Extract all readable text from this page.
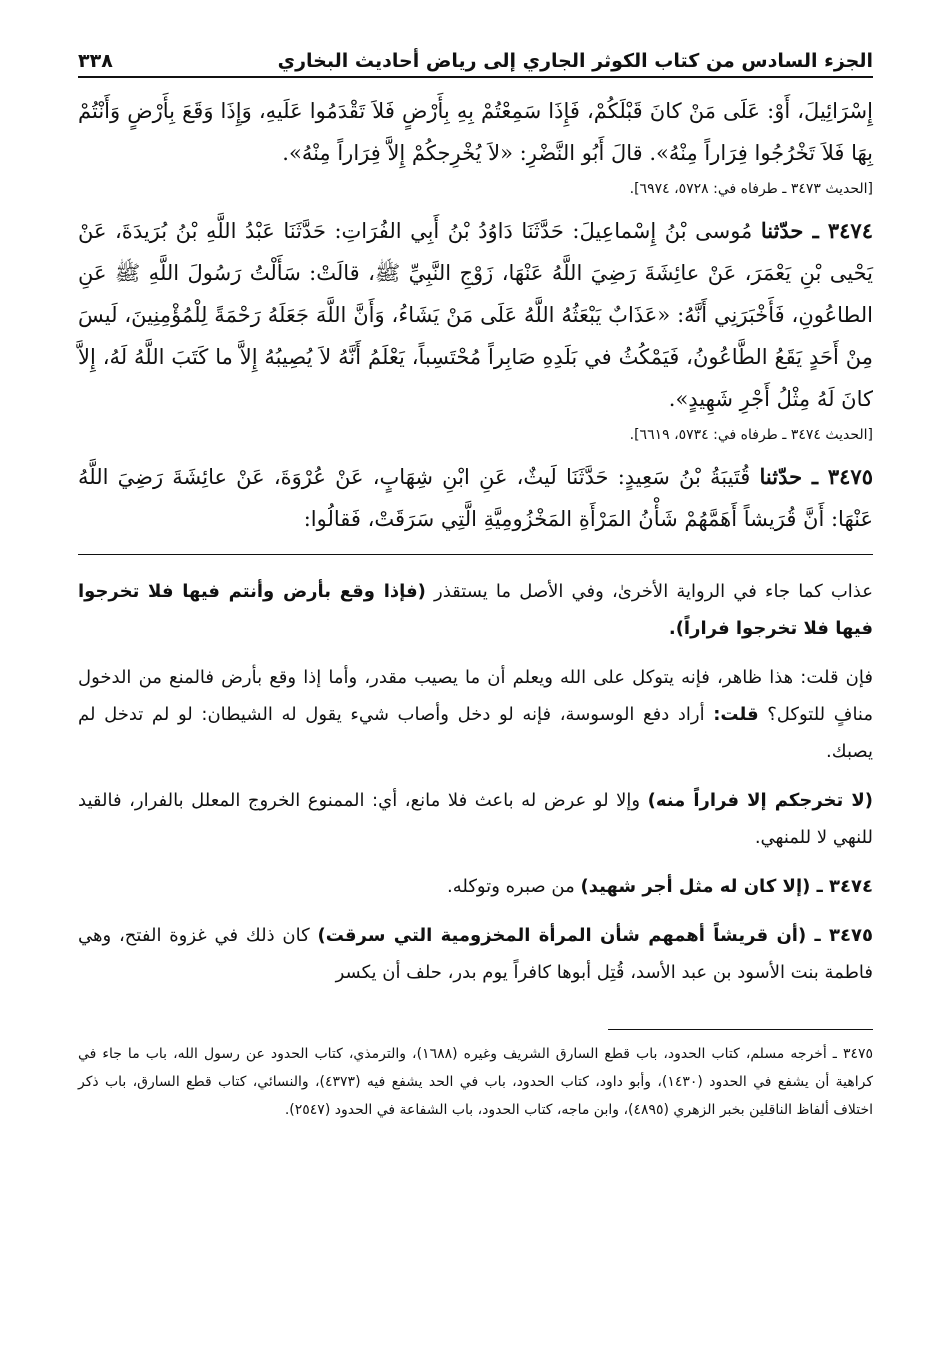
الجزء السادس من كتاب الكوثر الجاري إلى رياض أحاديث البخاري
٣٣٨

إِسْرَائِيلَ، أَوْ: عَلَى مَنْ كانَ قَبْلَكُمْ، فَإِذَا سَمِعْتُمْ بِهِ بِأَرْضٍ فَلاَ تَقْدَمُوا عَلَيهِ، وَإِذَا وَقَعَ بِأَرْضٍ وَأَنْتُمْ بِهَا فَلاَ تَخْرُجُوا فِرَاراً مِنْهُ». قالَ أَبُو النَّضْرِ: «لاَ يُخْرِجكُمْ إِلاَّ فِرَاراً مِنْهُ».

[الحديث ٣٤٧٣ ـ طرفاه في: ٥٧٢٨، ٦٩٧٤].

٣٤٧٤ ـ حدّثنا مُوسى بْنُ إِسْماعِيلَ: حَدَّثَنَا دَاوُدُ بْنُ أَبِي الفُرَاتِ: حَدَّثَنَا عَبْدُ اللَّهِ بْنُ بُرَيدَةَ، عَنْ يَحْيى بْنِ يَعْمَرَ، عَنْ عائِشَةَ رَضِيَ اللَّهُ عَنْهَا، زَوْجِ النَّبِيِّ ﷺ، قالَتْ: سَأَلْتُ رَسُولَ اللَّهِ ﷺ عَنِ الطاعُونِ، فَأَخْبَرَنِي أَنَّهُ: «عَذَابٌ يَبْعَثُهُ اللَّهُ عَلَى مَنْ يَشَاءُ، وَأَنَّ اللَّهَ جَعَلَهُ رَحْمَةً لِلْمُؤْمِنِينَ، لَيسَ مِنْ أَحَدٍ يَقَعُ الطَّاعُونُ، فَيَمْكُثُ في بَلَدِهِ صَابِراً مُحْتَسِباً، يَعْلَمُ أَنَّهُ لاَ يُصِيبُهُ إِلاَّ ما كَتَبَ اللَّهُ لَهُ، إِلاَّ كانَ لَهُ مِثْلُ أَجْرِ شَهِيدٍ».

[الحديث ٣٤٧٤ ـ طرفاه في: ٥٧٣٤، ٦٦١٩].

٣٤٧٥ ـ حدّثنا قُتَيبَةُ بْنُ سَعِيدٍ: حَدَّثَنَا لَيثٌ، عَنِ ابْنِ شِهَابٍ، عَنْ عُرْوَةَ، عَنْ عائِشَةَ رَضِيَ اللَّهُ عَنْهَا: أَنَّ قُرَيشاً أَهَمَّهُمْ شَأْنُ المَرْأَةِ المَخْزُومِيَّةِ الَّتِي سَرَقَتْ، فَقالُوا:

عذاب كما جاء في الرواية الأخرىٰ، وفي الأصل ما يستقذر (فإذا وقع بأرض وأنتم فيها فلا تخرجوا فيها فلا تخرجوا فراراً).

فإن قلت: هذا ظاهر، فإنه يتوكل على الله ويعلم أن ما يصيب مقدر، وأما إذا وقع بأرض فالمنع من الدخول منافٍ للتوكل؟ قلت: أراد دفع الوسوسة، فإنه لو دخل وأصاب شيء يقول له الشيطان: لو لم تدخل لم يصبك.

(لا تخرجكم إلا فراراً منه) وإلا لو عرض له باعث فلا مانع، أي: الممنوع الخروج المعلل بالفرار، فالقيد للنهي لا للمنهي.

٣٤٧٤ ـ (إلا كان له مثل أجر شهيد) من صبره وتوكله.

٣٤٧٥ ـ (أن قريشاً أهمهم شأن المرأة المخزومية التي سرقت) كان ذلك في غزوة الفتح، وهي فاطمة بنت الأسود بن عبد الأسد، قُتِل أبوها كافراً يوم بدر، حلف أن يكسر

٣٤٧٥ ـ أخرجه مسلم، كتاب الحدود، باب قطع السارق الشريف وغيره (١٦٨٨)، والترمذي، كتاب الحدود عن رسول الله، باب ما جاء في كراهية أن يشفع في الحدود (١٤٣٠)، وأبو داود، كتاب الحدود، باب في الحد يشفع فيه (٤٣٧٣)، والنسائي، كتاب قطع السارق، باب ذكر اختلاف ألفاظ الناقلين بخبر الزهري (٤٨٩٥)، وابن ماجه، كتاب الحدود، باب الشفاعة في الحدود (٢٥٤٧).
